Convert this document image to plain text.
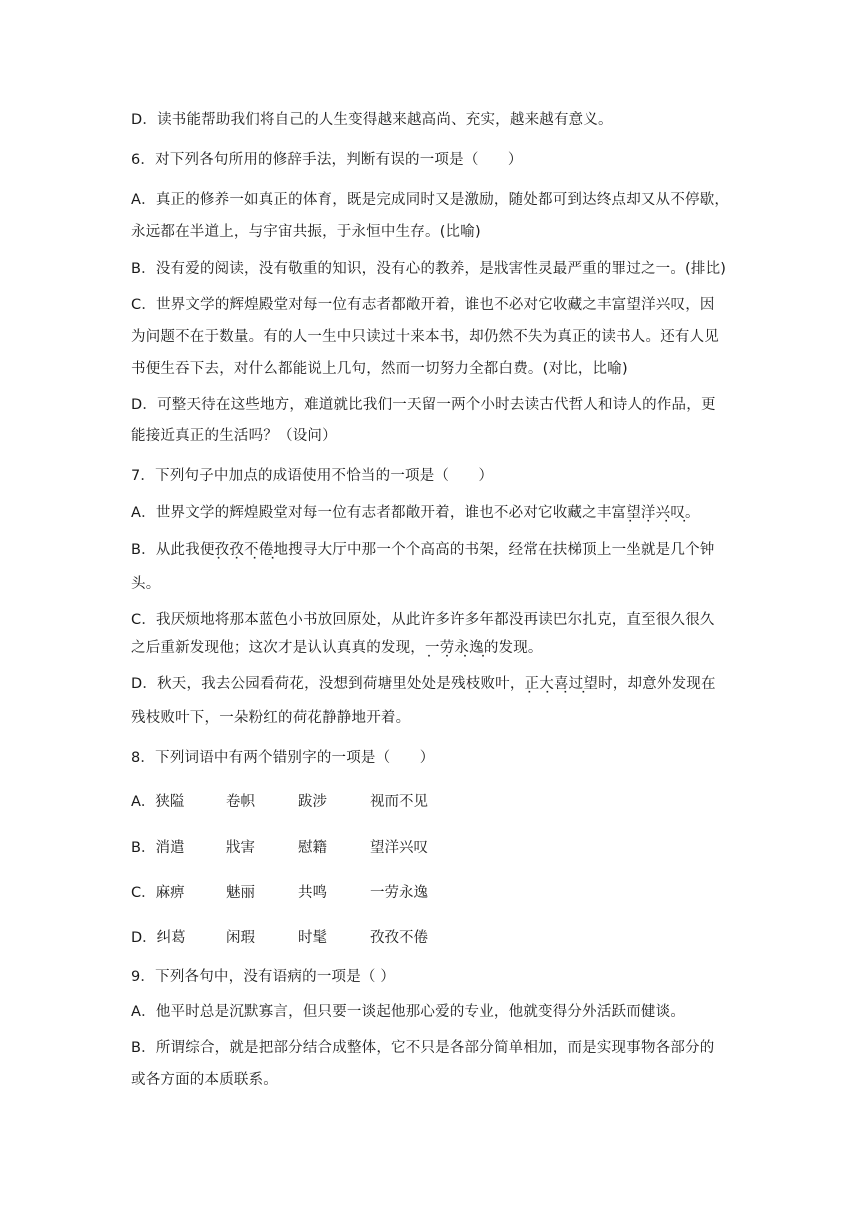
D．读书能帮助我们将自己的人生变得越来越高尚、充实，越来越有意义。
6．对下列各句所用的修辞手法，判断有误的一项是（　　）
A．真正的修养一如真正的体育，既是完成同时又是激励，随处都可到达终点却又从不停歇，
永远都在半道上，与宇宙共振，于永恒中生存。(比喻)
B．没有爱的阅读，没有敬重的知识，没有心的教养，是戕害性灵最严重的罪过之一。(排比)
C．世界文学的辉煌殿堂对每一位有志者都敞开着，谁也不必对它收藏之丰富望洋兴叹，因
为问题不在于数量。有的人一生中只读过十来本书，却仍然不失为真正的读书人。还有人见
书便生吞下去，对什么都能说上几句，然而一切努力全都白费。(对比，比喻)
D．可整天待在这些地方，难道就比我们一天留一两个小时去读古代哲人和诗人的作品，更
能接近真正的生活吗？（设问）
7．下列句子中加点的成语使用不恰当的一项是（　　）
A．世界文学的辉煌殿堂对每一位有志者都敞开着，谁也不必对它收藏之丰富望洋兴叹 ˙˙˙˙。
B．从此我便孜孜不倦 ˙˙˙˙地搜寻大厅中那一个个高高的书架，经常在扶梯顶上一坐就是几个钟
头。
C．我厌烦地将那本蓝色小书放回原处，从此许多许多年都没再读巴尔扎克，直至很久很久
之后重新发现他；这次才是认认真真的发现，一劳永逸 ˙˙˙˙的发现。
D．秋天，我去公园看荷花，没想到荷塘里处处是残枝败叶，正大喜过望 ˙˙˙˙时，却意外发现在
残枝败叶下，一朵粉红的荷花静静地开着。
8．下列词语中有两个错别字的一项是（　　）
A．狭隘	卷帜	跋涉	视而不见
B．消遣	戕害	慰籍	望洋兴叹
C．麻痹	魅丽	共鸣	一劳永逸
D．纠葛	闲瑕	时髦	孜孜不倦
9．下列各句中，没有语病的一项是（ ）
A．他平时总是沉默寡言，但只要一谈起他那心爱的专业，他就变得分外活跃而健谈。
B．所谓综合，就是把部分结合成整体，它不只是各部分简单相加，而是实现事物各部分的
或各方面的本质联系。
